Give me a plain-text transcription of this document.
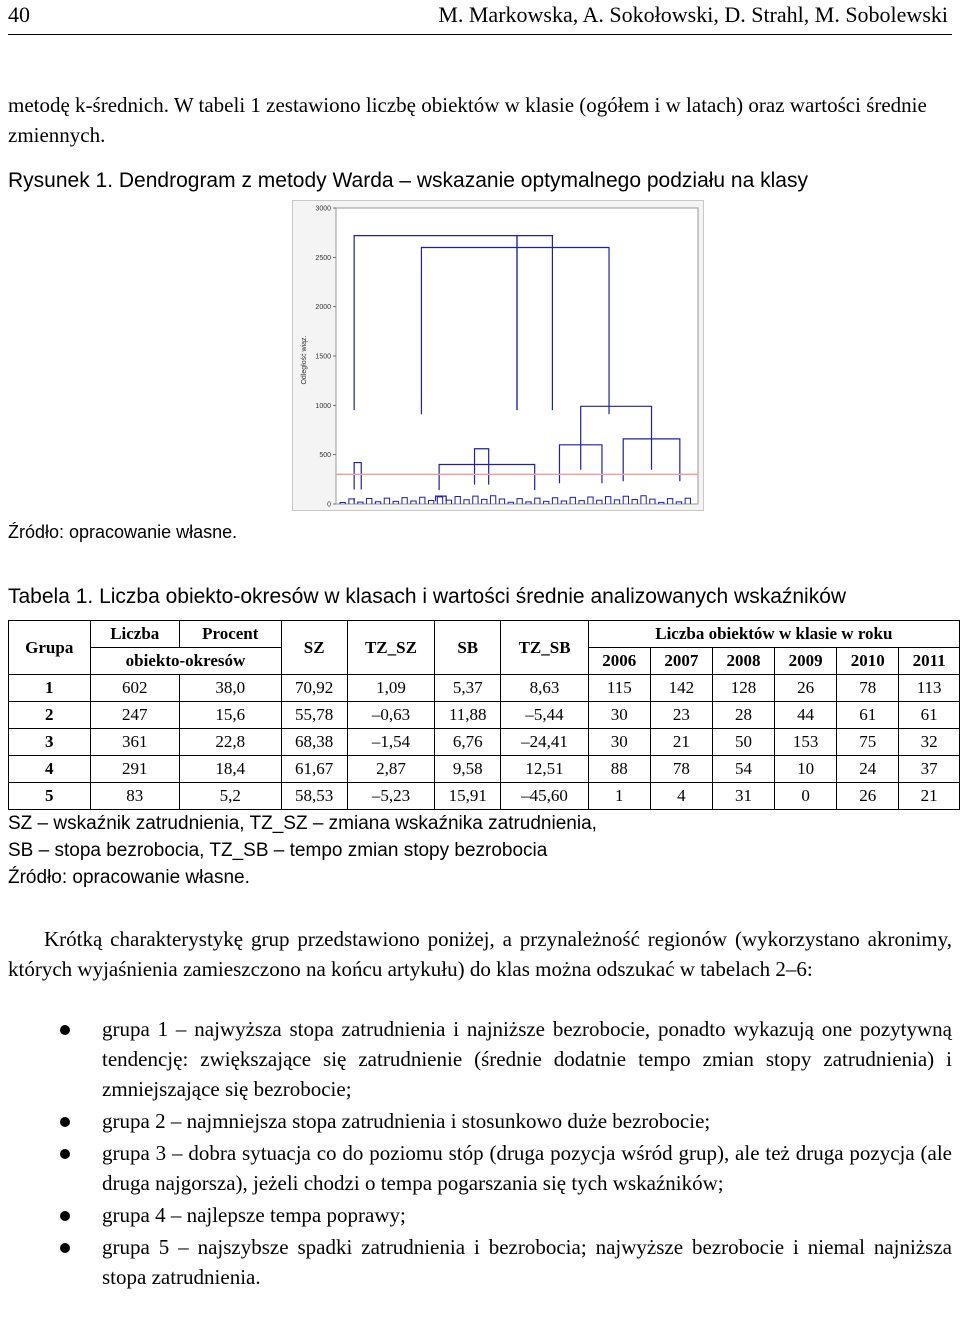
40	M. Markowska, A. Sokołowski, D. Strahl, M. Sobolewski
metodę k-średnich. W tabeli 1 zestawiono liczbę obiektów w klasie (ogółem i w latach) oraz wartości średnie zmiennych.
Rysunek 1. Dendrogram z metody Warda – wskazanie optymalnego podziału na klasy
0
500
1000
1500
2000
2500
3000
Odległość wiąz.
Źródło: opracowanie własne.
Tabela 1. Liczba obiekto-okresów w klasach i wartości średnie analizowanych wskaźników
Grupa	Liczba	Procent	SZ	TZ_SZ	SB	TZ_SB	Liczba obiektów w klasie w roku					
	obiekto-okresów						2006	2007	2008	2009	2010	2011
1	602	38,0	70,92	1,09	5,37	8,63	115	142	128	26	78	113
2	247	15,6	55,78	–0,63	11,88	–5,44	30	23	28	44	61	61
3	361	22,8	68,38	–1,54	6,76	–24,41	30	21	50	153	75	32
4	291	18,4	61,67	2,87	9,58	12,51	88	78	54	10	24	37
5	83	5,2	58,53	–5,23	15,91	–45,60	1	4	31	0	26	21
SZ – wskaźnik zatrudnienia, TZ_SZ – zmiana wskaźnika zatrudnienia,
SB – stopa bezrobocia, TZ_SB – tempo zmian stopy bezrobocia
Źródło: opracowanie własne.

Krótką charakterystykę grup przedstawiono poniżej, a przynależność regionów (wykorzystano akronimy, których wyjaśnienia zamieszczono na końcu artykułu) do klas można odszukać w tabelach 2–6:

grupa 1 – najwyższa stopa zatrudnienia i najniższe bezrobocie, ponadto wykazują one pozytywną tendencję: zwiększające się zatrudnienie (średnie dodatnie tempo zmian stopy zatrudnienia) i zmniejszające się bezrobocie;
grupa 2 – najmniejsza stopa zatrudnienia i stosunkowo duże bezrobocie;
grupa 3 – dobra sytuacja co do poziomu stóp (druga pozycja wśród grup), ale też druga pozycja (ale druga najgorsza), jeżeli chodzi o tempa pogarszania się tych wskaźników;
grupa 4 – najlepsze tempa poprawy;
grupa 5 – najszybsze spadki zatrudnienia i bezrobocia; najwyższe bezrobocie i niemal najniższa stopa zatrudnienia.
